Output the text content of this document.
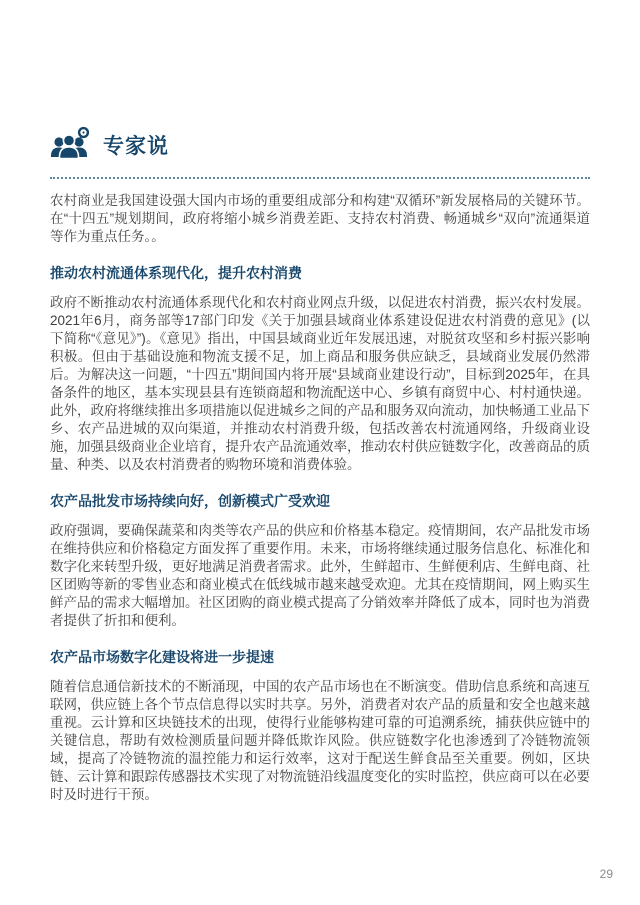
专家说

农村商业是我国建设强大国内市场的重要组成部分和构建“双循环”新发展格局的关键环节。在“十四五”规划期间，政府将缩小城乡消费差距、支持农村消费、畅通城乡“双向”流通渠道等作为重点任务。。

推动农村流通体系现代化，提升农村消费

政府不断推动农村流通体系现代化和农村商业网点升级，以促进农村消费，振兴农村发展。 2021年6月，商务部等17部门印发《关于加强县域商业体系建设促进农村消费的意见》(以下简称“《意见》”)。《意见》指出，中国县域商业近年发展迅速，对脱贫攻坚和乡村振兴影响积极。但由于基础设施和物流支援不足，加上商品和服务供应缺乏，县域商业发展仍然滞后。为解决这一问题，“十四五”期间国内将开展“县域商业建设行动”，目标到2025年，在具备条件的地区，基本实现县县有连锁商超和物流配送中心、乡镇有商贸中心、村村通快递。此外，政府将继续推出多项措施以促进城乡之间的产品和服务双向流动，加快畅通工业品下乡、农产品进城的双向渠道，并推动农村消费升级，包括改善农村流通网络，升级商业设施，加强县级商业企业培育，提升农产品流通效率，推动农村供应链数字化，改善商品的质量、种类、以及农村消费者的购物环境和消费体验。

农产品批发市场持续向好，创新模式广受欢迎

政府强调，要确保蔬菜和肉类等农产品的供应和价格基本稳定。疫情期间，农产品批发市场在维持供应和价格稳定方面发挥了重要作用。未来，市场将继续通过服务信息化、标准化和数字化来转型升级，更好地满足消费者需求。此外，生鲜超市、生鲜便利店、生鲜电商、社区团购等新的零售业态和商业模式在低线城市越来越受欢迎。尤其在疫情期间，网上购买生鲜产品的需求大幅增加。社区团购的商业模式提高了分销效率并降低了成本，同时也为消费者提供了折扣和便利。

农产品市场数字化建设将进一步提速

随着信息通信新技术的不断涌现，中国的农产品市场也在不断演变。借助信息系统和高速互联网，供应链上各个节点信息得以实时共享。另外，消费者对农产品的质量和安全也越来越重视。云计算和区块链技术的出现，使得行业能够构建可靠的可追溯系统，捕获供应链中的关键信息，帮助有效检测质量问题并降低欺诈风险。供应链数字化也渗透到了冷链物流领域，提高了冷链物流的温控能力和运行效率，这对于配送生鲜食品至关重要。例如，区块链、云计算和跟踪传感器技术实现了对物流链沿线温度变化的实时监控，供应商可以在必要时及时进行干预。

29
